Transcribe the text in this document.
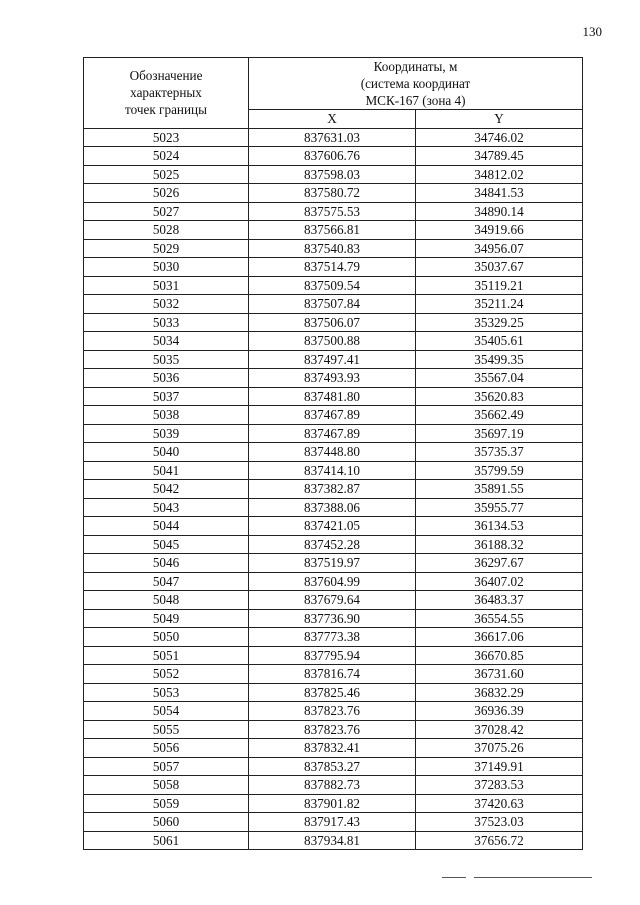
130
Обозначение
характерных
точек границы	Координаты, м
(система координат
МСК-167 (зона 4)	

	X	Y
5023	837631.03	34746.02
5024	837606.76	34789.45
5025	837598.03	34812.02
5026	837580.72	34841.53
5027	837575.53	34890.14
5028	837566.81	34919.66
5029	837540.83	34956.07
5030	837514.79	35037.67
5031	837509.54	35119.21
5032	837507.84	35211.24
5033	837506.07	35329.25
5034	837500.88	35405.61
5035	837497.41	35499.35
5036	837493.93	35567.04
5037	837481.80	35620.83
5038	837467.89	35662.49
5039	837467.89	35697.19
5040	837448.80	35735.37
5041	837414.10	35799.59
5042	837382.87	35891.55
5043	837388.06	35955.77
5044	837421.05	36134.53
5045	837452.28	36188.32
5046	837519.97	36297.67
5047	837604.99	36407.02
5048	837679.64	36483.37
5049	837736.90	36554.55
5050	837773.38	36617.06
5051	837795.94	36670.85
5052	837816.74	36731.60
5053	837825.46	36832.29
5054	837823.76	36936.39
5055	837823.76	37028.42
5056	837832.41	37075.26
5057	837853.27	37149.91
5058	837882.73	37283.53
5059	837901.82	37420.63
5060	837917.43	37523.03
5061	837934.81	37656.72
